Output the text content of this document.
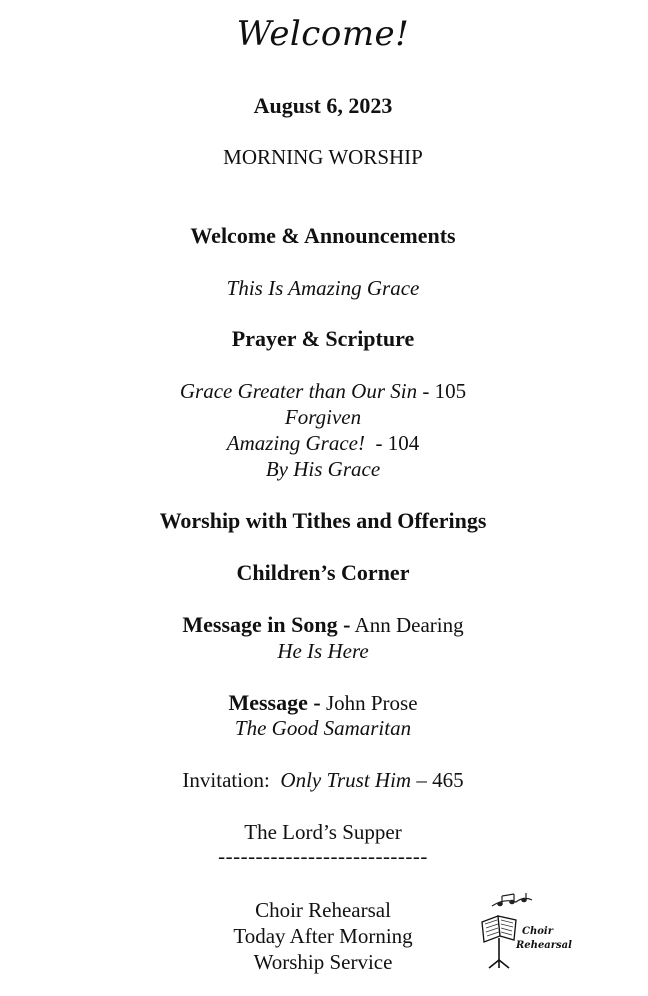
Welcome!
August 6, 2023
MORNING WORSHIP
Welcome & Announcements
This Is Amazing Grace
Prayer & Scripture
Grace Greater than Our Sin - 105
Forgiven
Amazing Grace!  - 104
By His Grace
Worship with Tithes and Offerings
Children’s Corner
Message in Song - Ann Dearing
He Is Here
Message - John Prose
The Good Samaritan
Invitation:  Only Trust Him – 465
The Lord’s Supper
----------------------------
Choir Rehearsal
Today After Morning
Worship Service
Choir
Rehearsal
